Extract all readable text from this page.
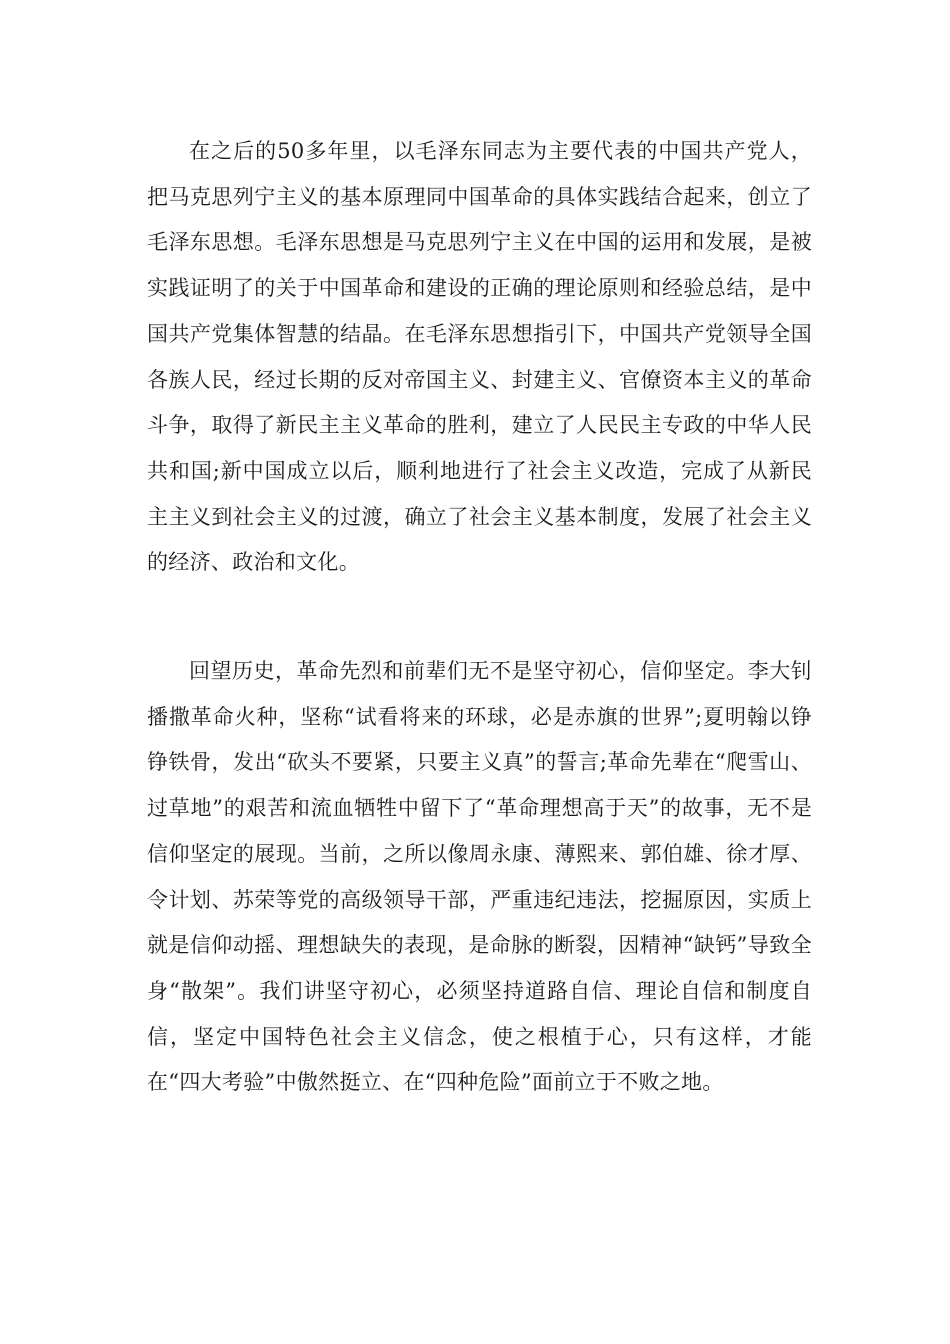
在之后的50多年里，以毛泽东同志为主要代表的中国共产党人，把马克思列宁主义的基本原理同中国革命的具体实践结合起来，创立了毛泽东思想。毛泽东思想是马克思列宁主义在中国的运用和发展，是被实践证明了的关于中国革命和建设的正确的理论原则和经验总结，是中国共产党集体智慧的结晶。在毛泽东思想指引下，中国共产党领导全国各族人民，经过长期的反对帝国主义、封建主义、官僚资本主义的革命斗争，取得了新民主主义革命的胜利，建立了人民民主专政的中华人民共和国;新中国成立以后，顺利地进行了社会主义改造，完成了从新民主主义到社会主义的过渡，确立了社会主义基本制度，发展了社会主义的经济、政治和文化。

回望历史，革命先烈和前辈们无不是坚守初心，信仰坚定。李大钊播撒革命火种，坚称“试看将来的环球，必是赤旗的世界”;夏明翰以铮铮铁骨，发出“砍头不要紧，只要主义真”的誓言;革命先辈在“爬雪山、过草地”的艰苦和流血牺牲中留下了“革命理想高于天”的故事，无不是信仰坚定的展现。当前，之所以像周永康、薄熙来、郭伯雄、徐才厚、令计划、苏荣等党的高级领导干部，严重违纪违法，挖掘原因，实质上就是信仰动摇、理想缺失的表现，是命脉的断裂，因精神“缺钙”导致全身“散架”。我们讲坚守初心，必须坚持道路自信、理论自信和制度自信，坚定中国特色社会主义信念，使之根植于心，只有这样，才能在“四大考验”中傲然挺立、在“四种危险”面前立于不败之地。
